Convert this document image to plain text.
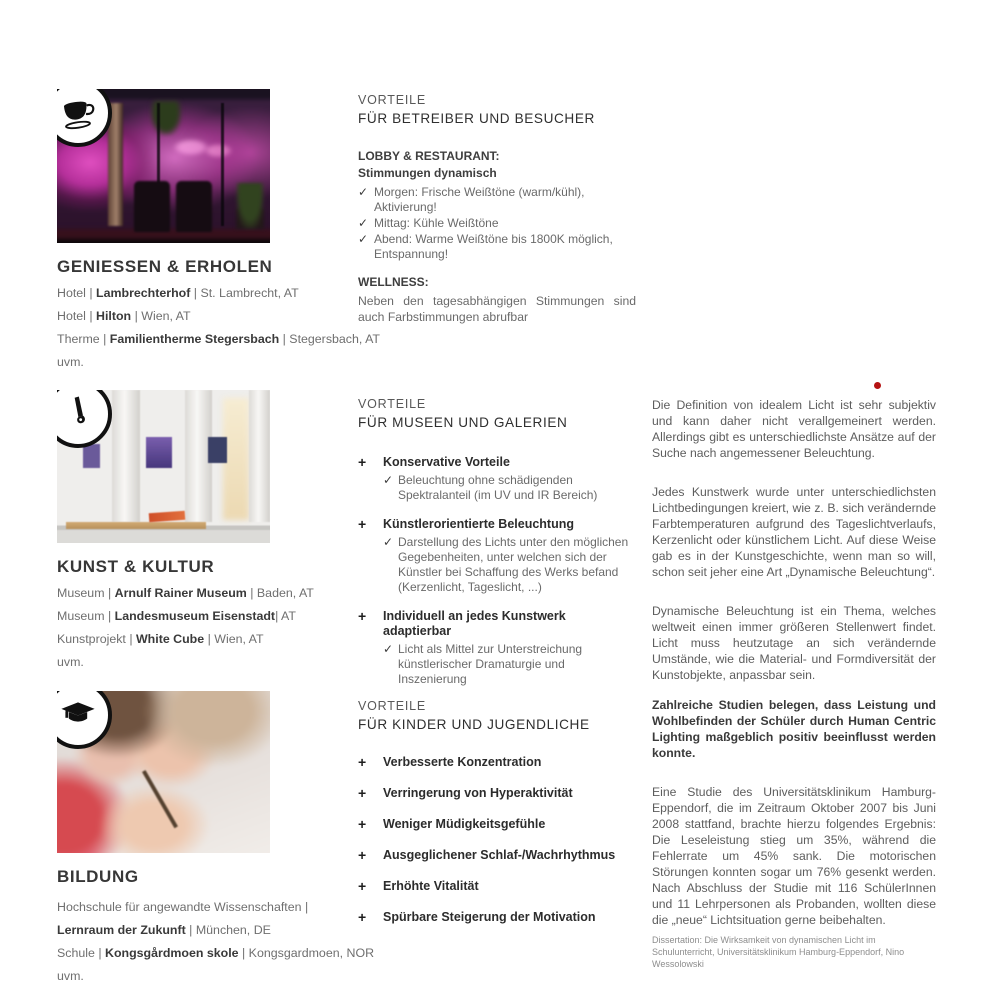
GENIESSEN & ERHOLEN

Hotel | Lambrechterhof | St. Lambrecht, AT

Hotel | Hilton | Wien, AT

Therme | Familientherme Stegersbach | Stegersbach, AT

uvm.

VORTEILE

FÜR BETREIBER UND BESUCHER

LOBBY & RESTAURANT:

Stimmungen dynamisch

✓ Morgen: Frische Weißtöne (warm/kühl), Aktivierung!
✓ Mittag: Kühle Weißtöne
✓ Abend: Warme Weißtöne bis 1800K möglich, Entspannung!

WELLNESS:

Neben den tagesabhängigen Stimmungen sind auch Farbstimmungen abrufbar

KUNST & KULTUR

Museum | Arnulf Rainer Museum | Baden, AT

Museum | Landesmuseum Eisenstadt| AT

Kunstprojekt | White Cube | Wien, AT

uvm.

VORTEILE

FÜR MUSEEN UND GALERIEN
+	Konservative Vorteile
✓ Beleuchtung ohne schädigenden Spektralanteil (im UV und IR Bereich)
+	Künstlerorientierte Beleuchtung
✓ Darstellung des Lichts unter den möglichen Gegebenheiten, unter welchen sich der Künstler bei Schaffung des Werks befand (Kerzenlicht, Tageslicht, ...)
+	Individuell an jedes Kunstwerk adaptierbar
✓ Licht als Mittel zur Unterstreichung künstlerischer Dramaturgie und Inszenierung

Die Definition von idealem Licht ist sehr subjektiv und kann daher nicht verallgemeinert werden. Allerdings gibt es unterschiedlichste Ansätze auf der Suche nach angemessener Beleuchtung.

Jedes Kunstwerk wurde unter unterschiedlichsten Lichtbedingungen kreiert, wie z. B. sich verändernde Farbtemperaturen aufgrund des Tageslichtverlaufs, Kerzenlicht oder künstlichem Licht. Auf diese Weise gab es in der Kunstgeschichte, wenn man so will, schon seit jeher eine Art „Dynamische Beleuchtung“.

Dynamische Beleuchtung ist ein Thema, welches weltweit einen immer größeren Stellenwert findet. Licht muss heutzutage an sich verändernde Umstände, wie die Material- und Formdiversität der Kunstobjekte, anpassbar sein.

BILDUNG

Hochschule für angewandte Wissenschaften |

Lernraum der Zukunft | München, DE

Schule | Kongsgårdmoen skole | Kongsgardmoen, NOR

uvm.

VORTEILE

FÜR KINDER UND JUGENDLICHE
+	Verbesserte Konzentration
+	Verringerung von Hyperaktivität
+	Weniger Müdigkeitsgefühle
+	Ausgeglichener Schlaf-/Wachrhythmus
+	Erhöhte Vitalität
+	Spürbare Steigerung der Motivation

Zahlreiche Studien belegen, dass Leistung und Wohlbefinden der Schüler durch Human Centric Lighting maßgeblich positiv beeinflusst werden konnte.

Eine Studie des Universitätsklinikum Hamburg-Eppendorf, die im Zeitraum Oktober 2007 bis Juni 2008 stattfand, brachte hierzu folgendes Ergebnis: Die Leseleistung stieg um 35%, während die Fehlerrate um 45% sank. Die motorischen Störungen konnten sogar um 76% gesenkt werden. Nach Abschluss der Studie mit 116 SchülerInnen und 11 Lehrpersonen als Probanden, wollten diese die „neue“ Lichtsituation gerne beibehalten.

Dissertation: Die Wirksamkeit von dynamischen Licht im Schulunterricht, Universitätsklinikum Hamburg-Eppendorf, Nino Wessolowski
